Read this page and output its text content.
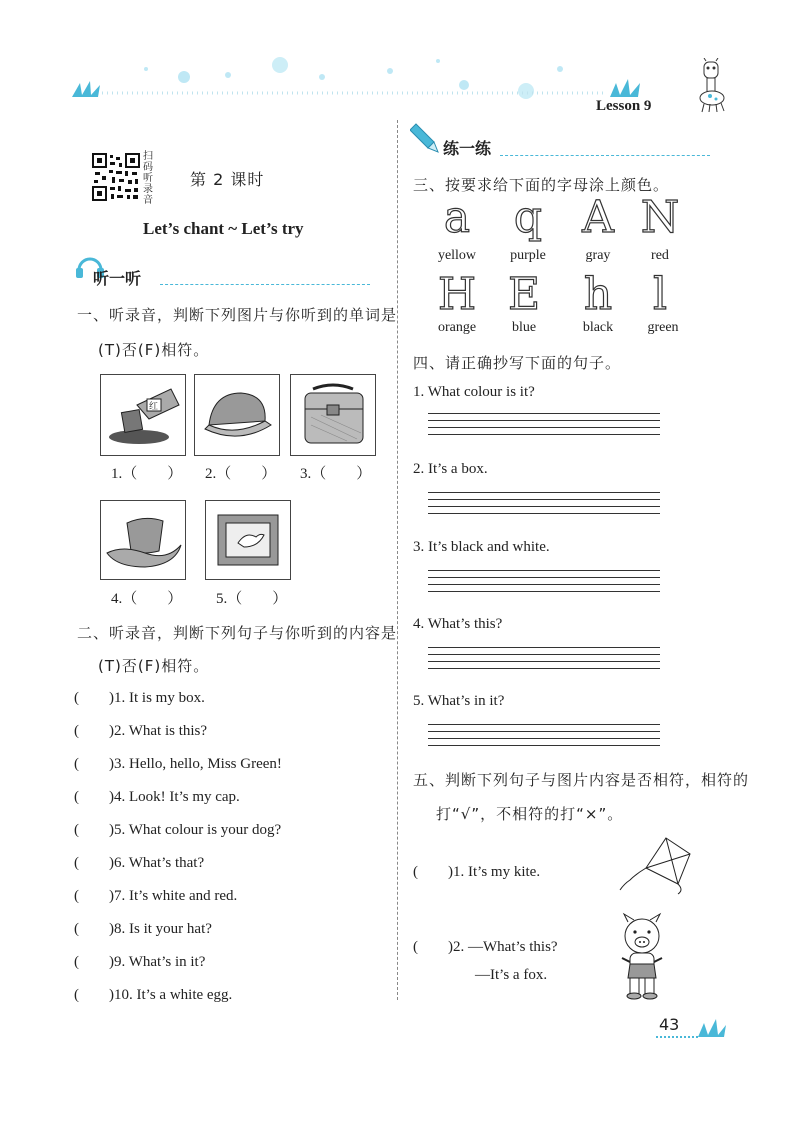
Lesson 9
扫码听录音
第 2 课时
Let’s chant ~ Let’s try
听一听
一、听录音，判断下列图片与你听到的单词是
(T)否(F)相符。
红
1.（　　） 2.（　　） 3.（　　）
4.（　　） 5.（　　）
二、听录音，判断下列句子与你听到的内容是
(T)否(F)相符。
(　　)1. It is my box.
(　　)2. What is this?
(　　)3. Hello, hello, Miss Green!
(　　)4. Look! It’s my cap.
(　　)5. What colour is your dog?
(　　)6. What’s that?
(　　)7. It’s white and red.
(　　)8. Is it your hat?
(　　)9. What’s in it?
(　　)10. It’s a white egg.
练一练
三、按要求给下面的字母涂上颜色。
a q A N
yellow	purple	gray	red
H E h l
orange	blue	black	green
四、请正确抄写下面的句子。
1. What colour is it?
2. It’s a box.
3. It’s black and white.
4. What’s this?
5. What’s in it?
五、判断下列句子与图片内容是否相符，相符的
打“√”，不相符的打“×”。
(　　)1. It’s my kite.
(　　)2. —What’s this?
—It’s a fox.
43
